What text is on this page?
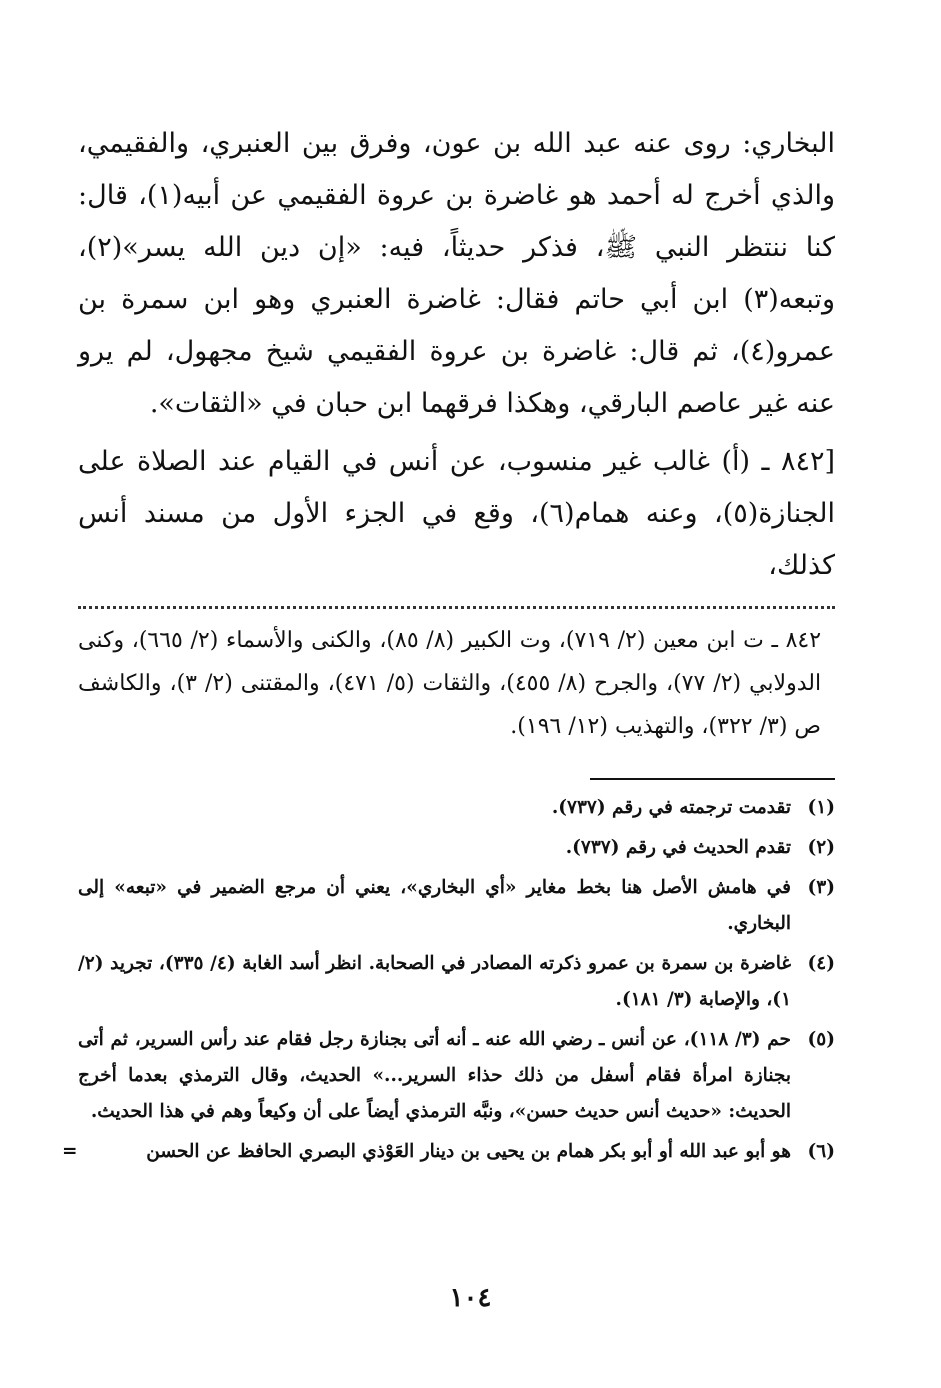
البخاري: روى عنه عبد الله بن عون، وفرق بين العنبري، والفقيمي، والذي أخرج له أحمد هو غاضرة بن عروة الفقيمي عن أبيه(١)، قال: كنا ننتظر النبي ﷺ، فذكر حديثاً، فيه: «إن دين الله يسر»(٢)، وتبعه(٣) ابن أبي حاتم فقال: غاضرة العنبري وهو ابن سمرة بن عمرو(٤)، ثم قال: غاضرة بن عروة الفقيمي شيخ مجهول، لم يرو عنه غير عاصم البارقي، وهكذا فرقهما ابن حبان في «الثقات».

[٨٤٢ ـ (أ) غالب غير منسوب، عن أنس في القيام عند الصلاة على الجنازة(٥)، وعنه همام(٦)، وقع في الجزء الأول من مسند أنس كذلك،

٨٤٢ ـ ت ابن معين (٢/ ٧١٩)، وت الكبير (٨/ ٨٥)، والكنى والأسماء (٢/ ٦٦٥)، وكنى الدولابي (٢/ ٧٧)، والجرح (٨/ ٤٥٥)، والثقات (٥/ ٤٧١)، والمقتنى (٢/ ٣)، والكاشف ص (٣/ ٣٢٢)، والتهذيب (١٢/ ١٩٦).
(١)
تقدمت ترجمته في رقم (٧٣٧).
(٢)
تقدم الحديث في رقم (٧٣٧).
(٣)
في هامش الأصل هنا بخط مغاير «أي البخاري»، يعني أن مرجع الضمير في «تبعه» إلى البخاري.
(٤)
غاضرة بن سمرة بن عمرو ذكرته المصادر في الصحابة. انظر أسد الغابة (٤/ ٣٣٥)، تجريد (٢/ ١)، والإصابة (٣/ ١٨١).
(٥)
حم (٣/ ١١٨)، عن أنس ـ رضي الله عنه ـ أنه أتى بجنازة رجل فقام عند رأس السرير، ثم أتى بجنازة امرأة فقام أسفل من ذلك حذاء السرير...» الحديث، وقال الترمذي بعدما أخرج الحديث: «حديث أنس حديث حسن»، ونبَّه الترمذي أيضاً على أن وكيعاً وهم في هذا الحديث.
(٦)
هو أبو عبد الله أو أبو بكر همام بن يحيى بن دينار العَوْذي البصري الحافظ عن الحسن
=
١٠٤
